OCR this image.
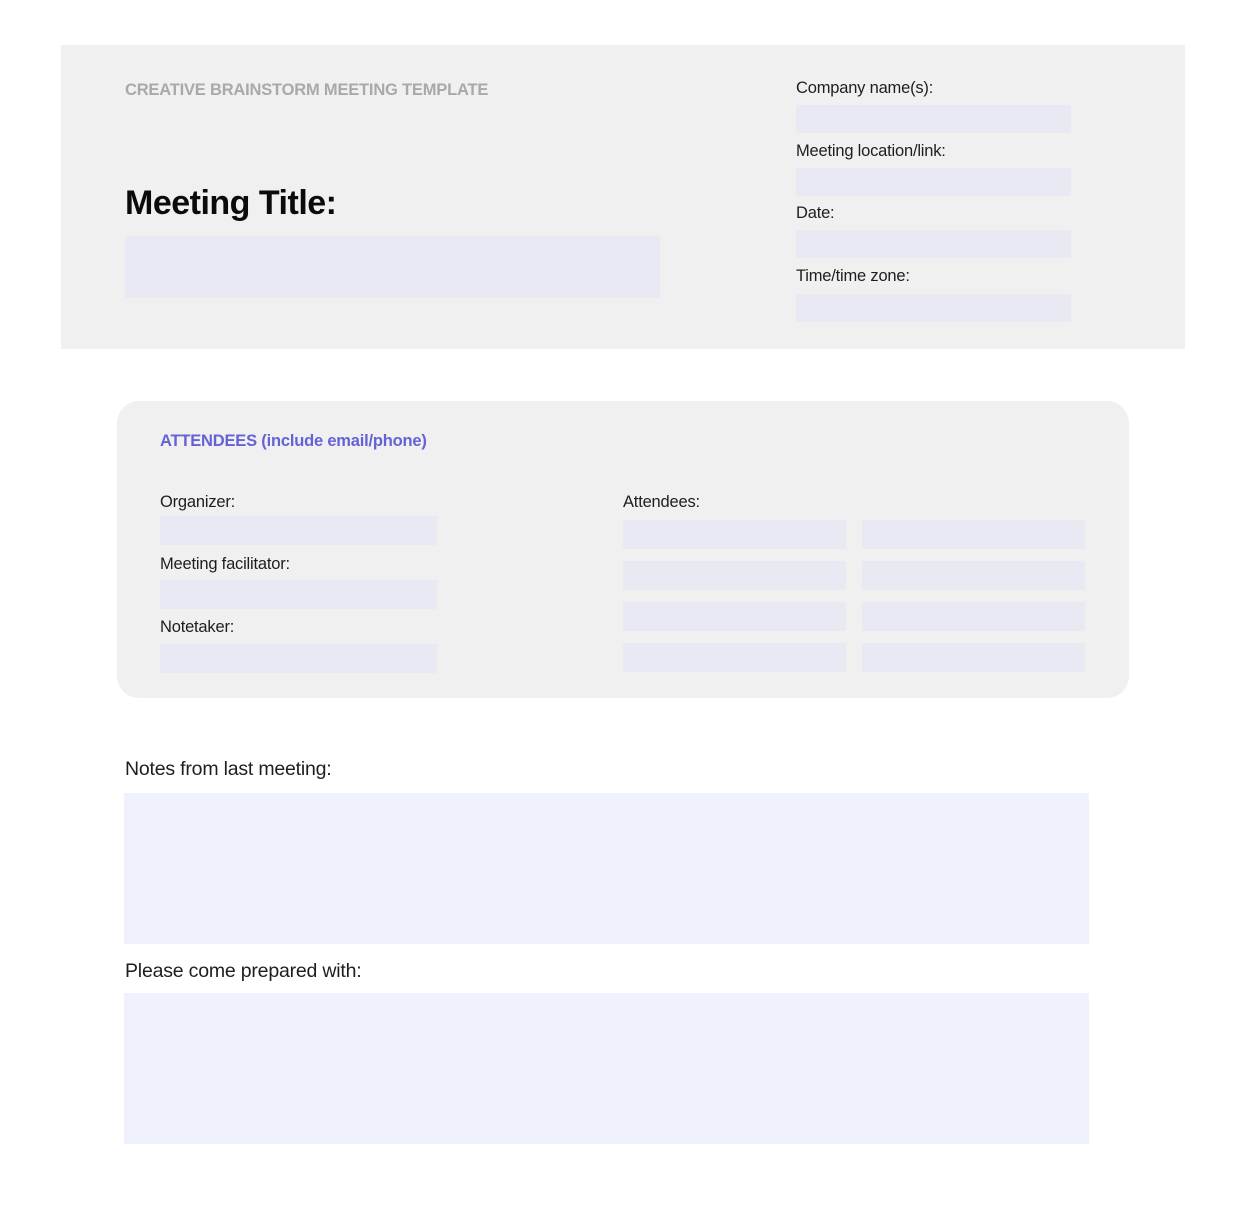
CREATIVE BRAINSTORM MEETING TEMPLATE
Meeting Title:
Company name(s):
Meeting location/link:
Date:
Time/time zone:
ATTENDEES (include email/phone)
Organizer:
Meeting facilitator:
Notetaker:
Attendees:
Notes from last meeting:
Please come prepared with:
